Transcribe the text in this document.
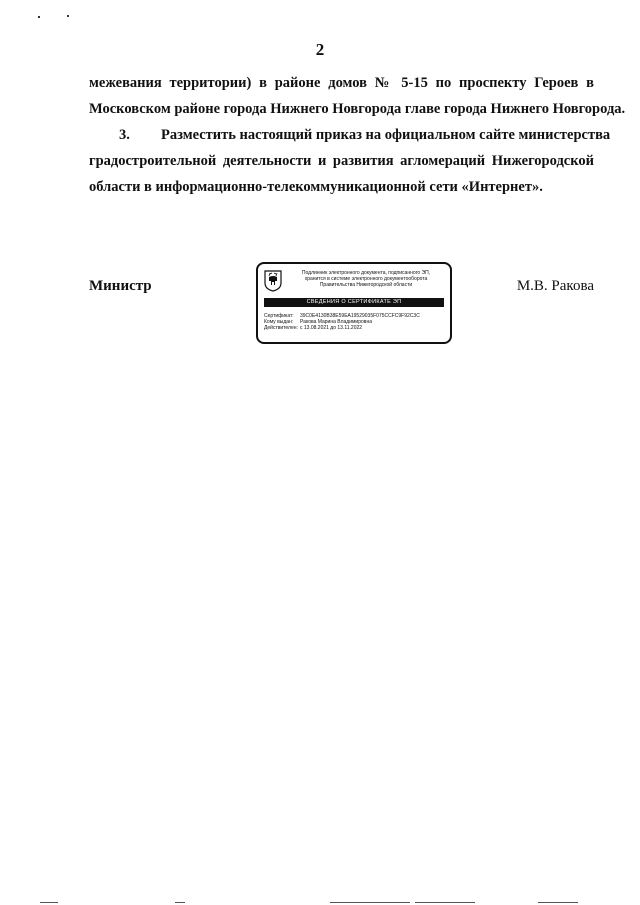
2
межевания территории) в районе домов № 5-15 по проспекту Героев в
Московском районе города Нижнего Новгорода главе города Нижнего Новгорода.
3. Разместить настоящий приказ на официальном сайте министерства
градостроительной деятельности и развития агломераций Нижегородской
области в информационно-телекоммуникационной сети «Интернет».
Министр	М.В. Ракова
Подлинник электронного документа, подписанного ЭП,
хранится в системе электронного документооборота
Правительства Нижегородской области
СВЕДЕНИЯ О СЕРТИФИКАТЕ ЭП
Сертификат: 39C0E4130B38E59EA19529035F075CCFC9F92C3C
Кому выдан: Ракова Марина Владимировна
Действителен: с 13.08.2021 до 13.11.2022
